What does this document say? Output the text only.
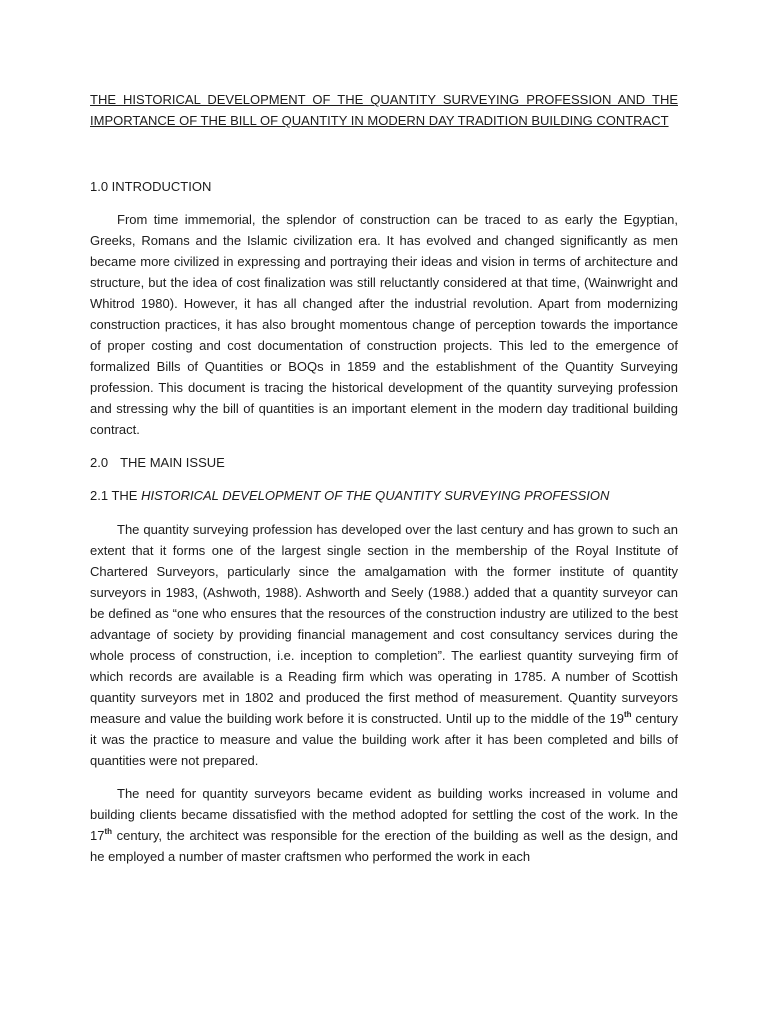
THE HISTORICAL DEVELOPMENT OF THE QUANTITY SURVEYING PROFESSION AND THE IMPORTANCE OF THE BILL OF QUANTITY IN MODERN DAY TRADITION BUILDING CONTRACT
1.0 INTRODUCTION

From time immemorial, the splendor of construction can be traced to as early the Egyptian, Greeks, Romans and the Islamic civilization era. It has evolved and changed significantly as men became more civilized in expressing and portraying their ideas and vision in terms of architecture and structure, but the idea of cost finalization was still reluctantly considered at that time, (Wainwright and Whitrod 1980). However, it has all changed after the industrial revolution. Apart from modernizing construction practices, it has also brought momentous change of perception towards the importance of proper costing and cost documentation of construction projects. This led to the emergence of formalized Bills of Quantities or BOQs in 1859 and the establishment of the Quantity Surveying profession. This document is tracing the historical development of the quantity surveying profession and stressing why the bill of quantities is an important element in the modern day traditional building contract.

2.0 THE MAIN ISSUE
2.1 THE HISTORICAL DEVELOPMENT OF THE QUANTITY SURVEYING PROFESSION

The quantity surveying profession has developed over the last century and has grown to such an extent that it forms one of the largest single section in the membership of the Royal Institute of Chartered Surveyors, particularly since the amalgamation with the former institute of quantity surveyors in 1983, (Ashwoth, 1988). Ashworth and Seely (1988.) added that a quantity surveyor can be defined as “one who ensures that the resources of the construction industry are utilized to the best advantage of society by providing financial management and cost consultancy services during the whole process of construction, i.e. inception to completion”. The earliest quantity surveying firm of which records are available is a Reading firm which was operating in 1785. A number of Scottish quantity surveyors met in 1802 and produced the first method of measurement. Quantity surveyors measure and value the building work before it is constructed. Until up to the middle of the 19th century it was the practice to measure and value the building work after it has been completed and bills of quantities were not prepared.

The need for quantity surveyors became evident as building works increased in volume and building clients became dissatisfied with the method adopted for settling the cost of the work. In the 17th century, the architect was responsible for the erection of the building as well as the design, and he employed a number of master craftsmen who performed the work in each
